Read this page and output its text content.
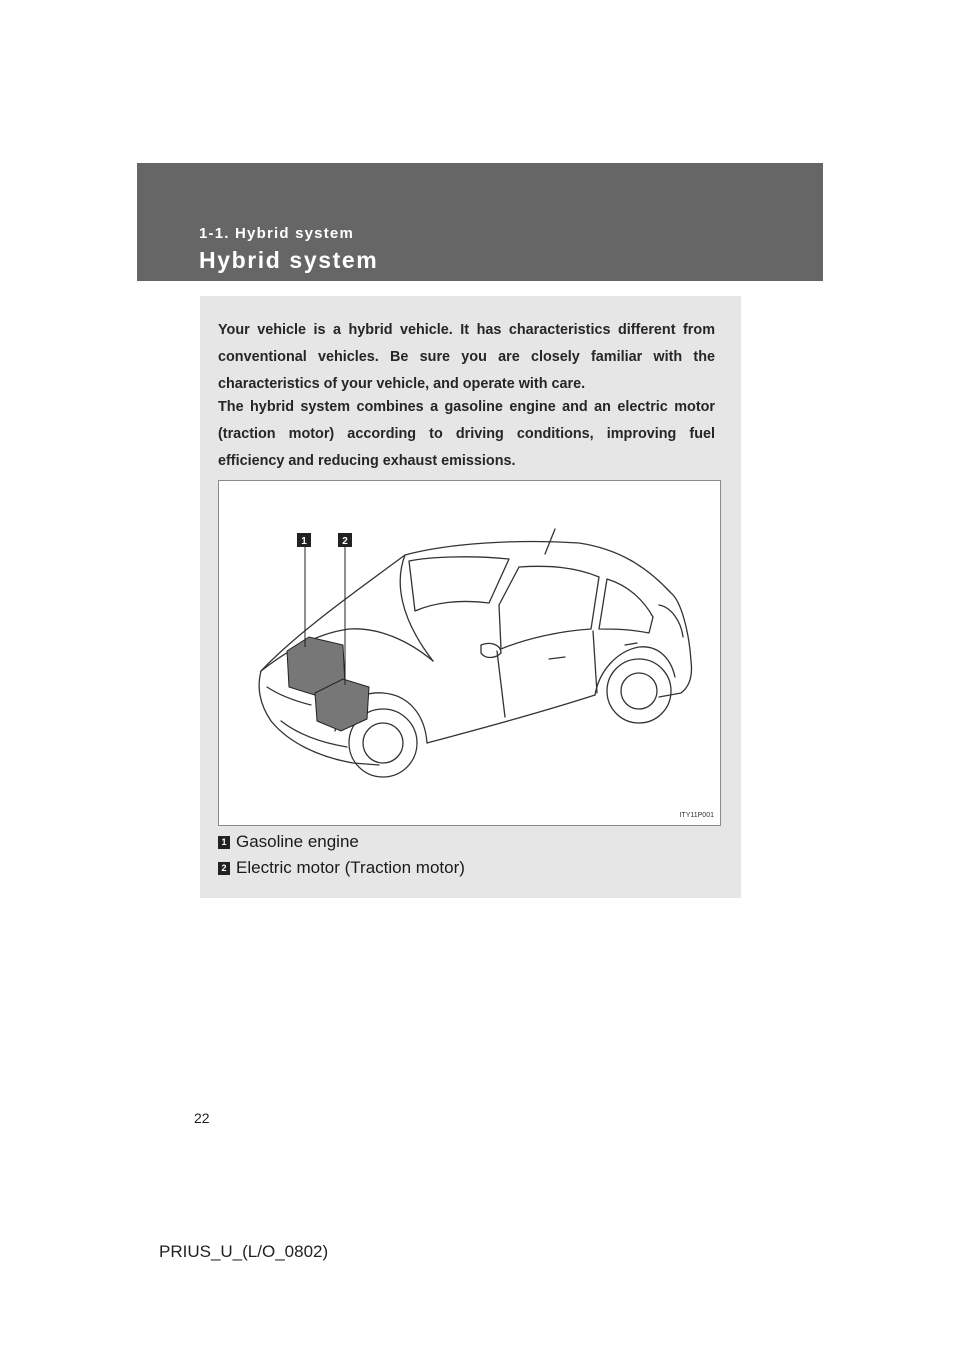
1-1. Hybrid system
Hybrid system

Your vehicle is a hybrid vehicle. It has characteristics different from conventional vehicles. Be sure you are closely familiar with the characteristics of your vehicle, and operate with care.

The hybrid system combines a gasoline engine and an electric motor (traction motor) according to driving conditions, improving fuel efficiency and reducing exhaust emissions.

1	2
ITY11P001
1 Gasoline engine
2 Electric motor (Traction motor)
22
PRIUS_U_(L/O_0802)
